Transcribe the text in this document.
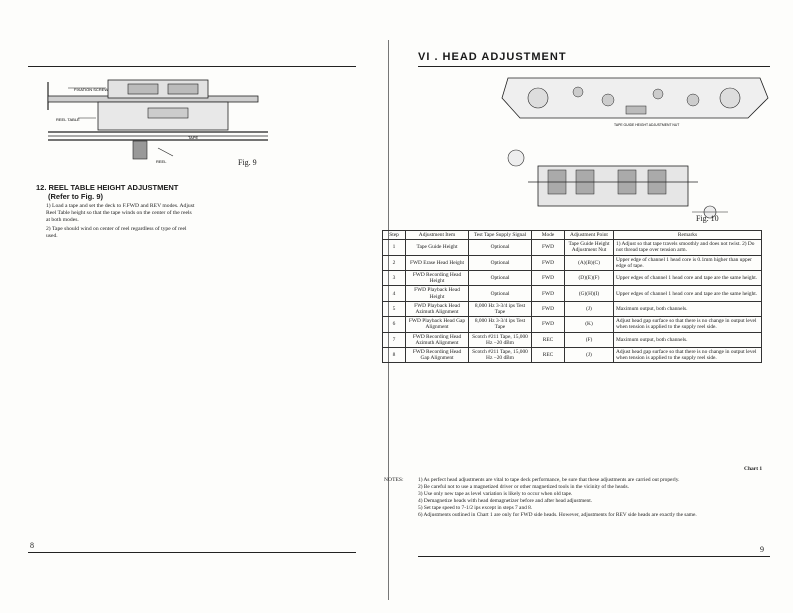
FIXATION SCREW
REEL TABLE
TAPE
REEL	Fig. 9
12. REEL TABLE HEIGHT ADJUSTMENT
(Refer to Fig. 9)
1) Load a tape and set the deck to F.FWD and REV modes. Adjust Reel Table height so that the tape winds on the center of the reels at both modes.
2) Tape should wind on center of reel regardless of type of reel used.
8
VI . HEAD ADJUSTMENT
TAPE GUIDE HEIGHT ADJUSTMENT NUT
Fig. 10
Step	Adjustment Item	Test Tape Supply Signal	Mode	Adjustment Point	Remarks
1	Tape Guide Height	Optional	FWD	Tape Guide Height Adjustment Nut	1) Adjust so that tape travels smoothly and does not twist. 2) Do not thread tape over tension arm.
2	FWD Erase Head Height	Optional	FWD	(A)(B)(C)	Upper edge of channel 1 head core is 0.1mm higher than upper edge of tape.
3	FWD Recording Head Height	Optional	FWD	(D)(E)(F)	Upper edges of channel 1 head core and tape are the same height.
4	FWD Playback Head Height	Optional	FWD	(G)(H)(I)	Upper edges of channel 1 head core and tape are the same height.
5	FWD Playback Head Azimuth Alignment	8,000 Hz 3-3/4 ips Test Tape	FWD	(J)	Maximum output, both channels.
6	FWD Playback Head Gap Alignment	8,000 Hz 3-3/4 ips Test Tape	FWD	(K)	Adjust head gap surface so that there is no change in output level when tension is applied to the supply reel side.
7	FWD Recording Head Azimuth Alignment	Scotch #211 Tape, 15,000 Hz −20 dBm	REC	(F)	Maximum output, both channels.
8	FWD Recording Head Gap Alignment	Scotch #211 Tape, 15,000 Hz −20 dBm	REC	(J)	Adjust head gap surface so that there is no change in output level when tension is applied to the supply reel side.
Chart 1
NOTES:	1) As perfect head adjustments are vital to tape deck performance, be sure that these adjustments are carried out properly.
2) Be careful not to use a magnetized driver or other magnetized tools in the vicinity of the heads.
3) Use only new tape as level variation is likely to occur when old tape.
4) Demagnetize heads with head demagnetizer before and after head adjustment.
5) Set tape speed to 7-1/2 ips except in steps 7 and 8.
6) Adjustments outlined in Chart 1 are only for FWD side heads. However, adjustments for REV side heads are exactly the same.
9
